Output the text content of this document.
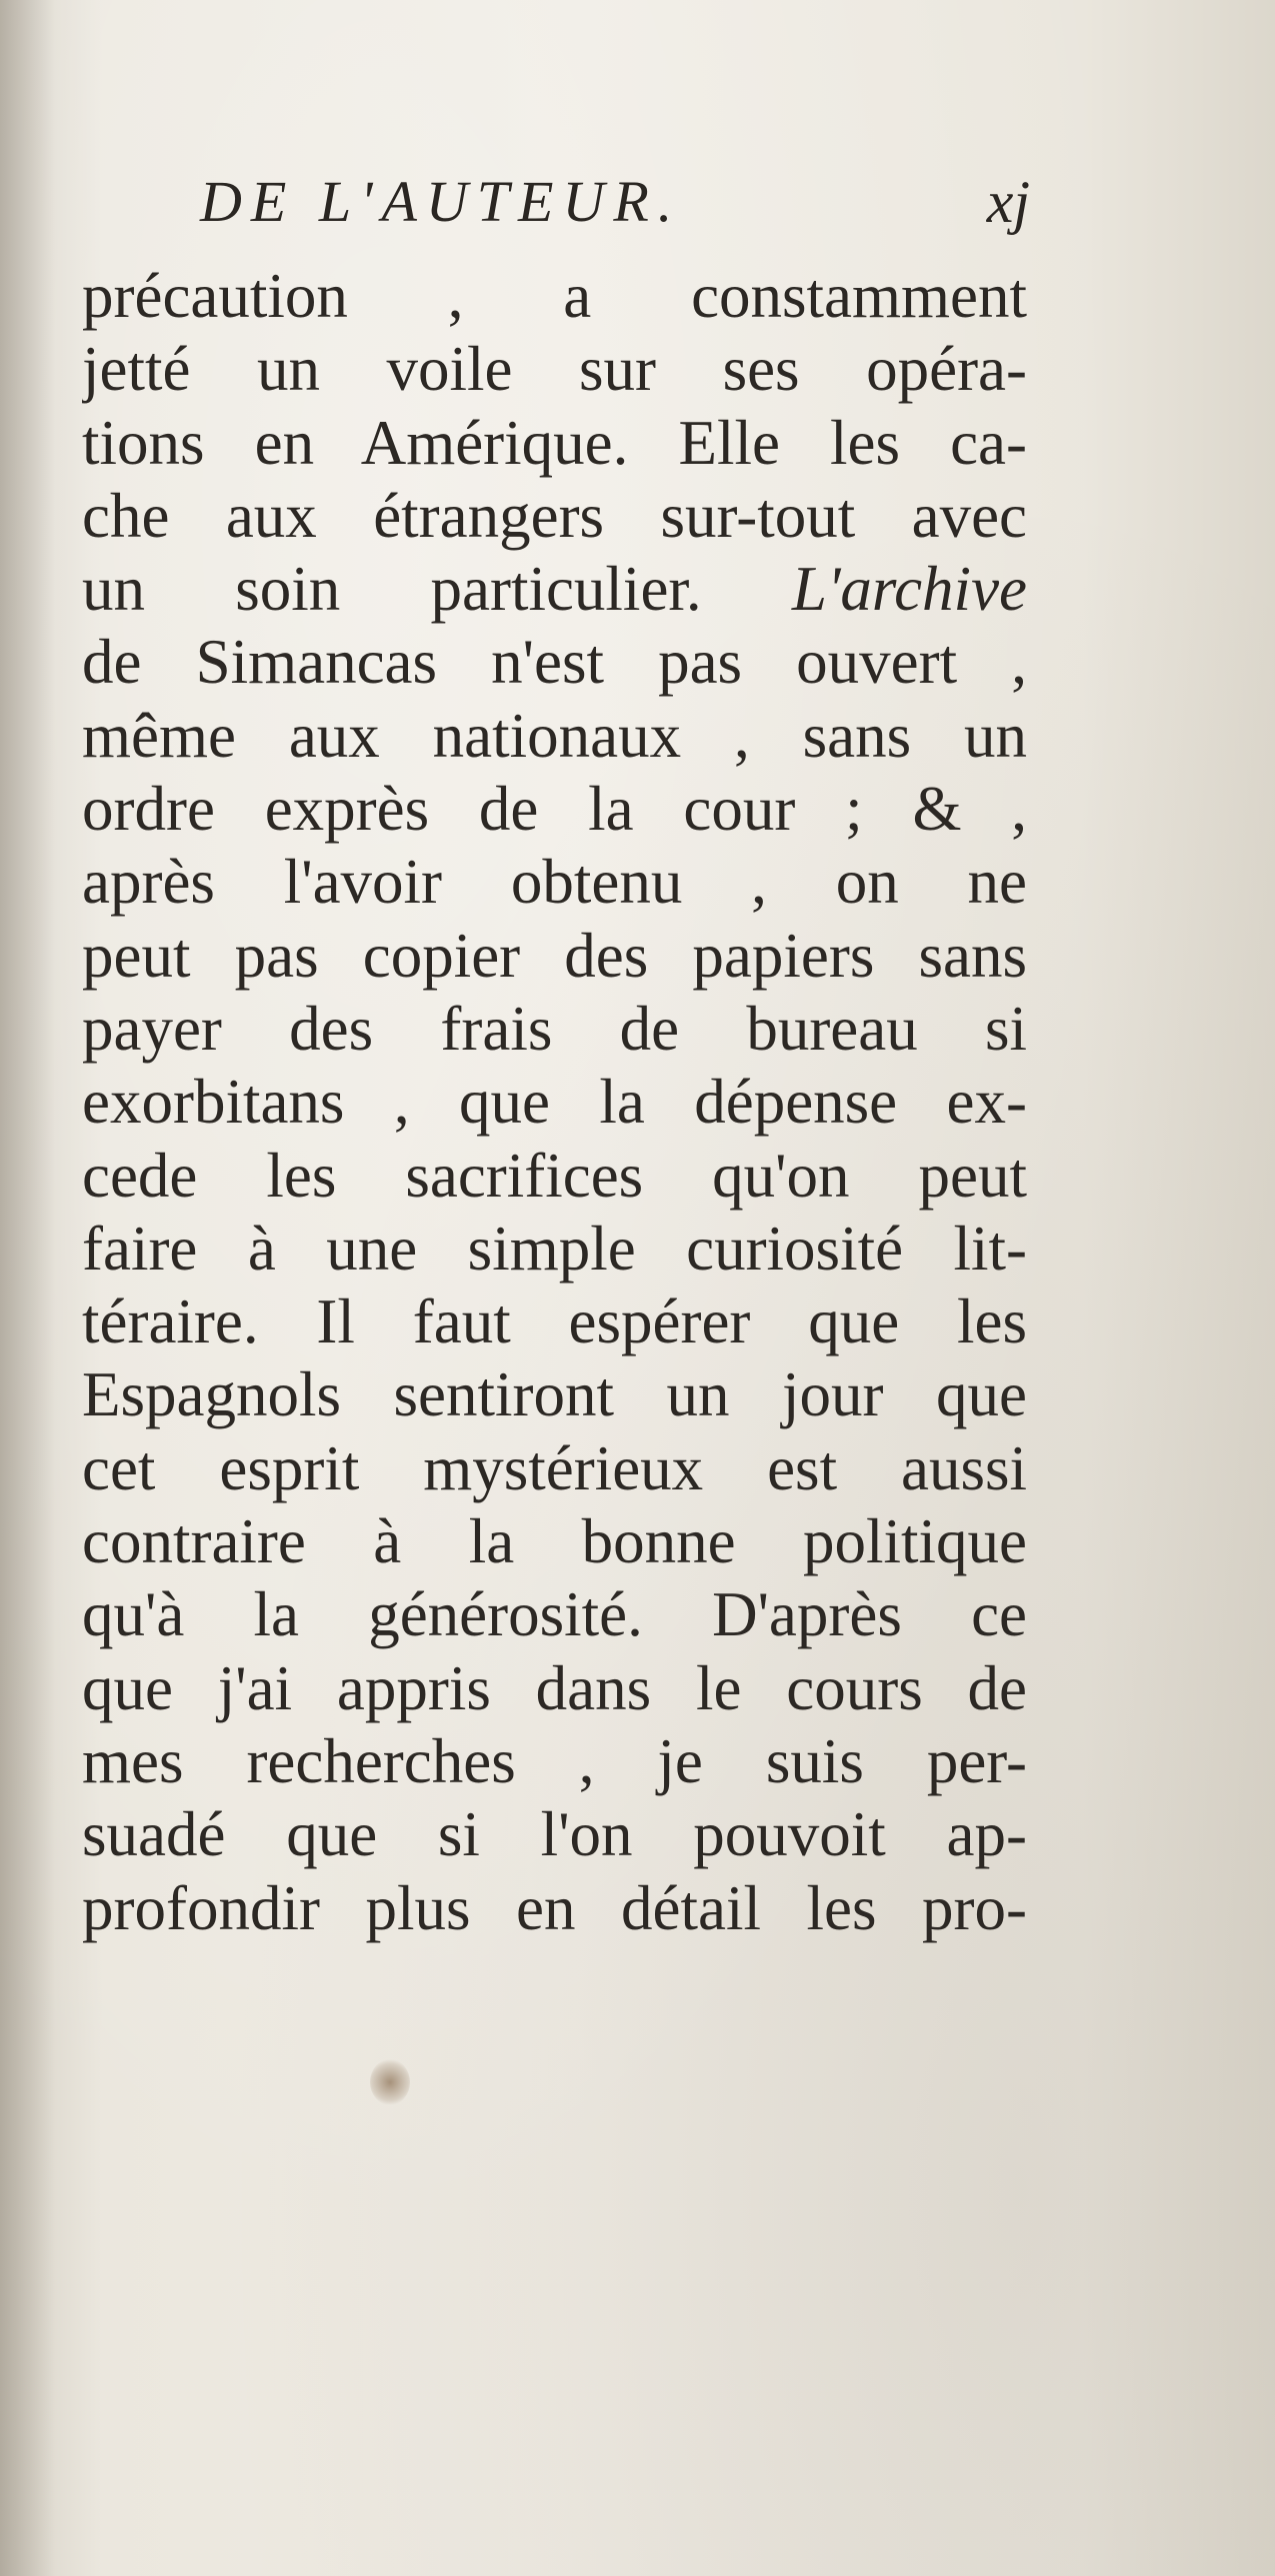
DE L'AUTEUR.	xj
précaution , a constamment
jetté un voile sur ses opéra-
tions en Amérique. Elle les ca-
che aux étrangers sur-tout avec
un soin particulier. L'archive
de Simancas n'est pas ouvert ,
même aux nationaux , sans un
ordre exprès de la cour ; & ,
après l'avoir obtenu , on ne
peut pas copier des papiers sans
payer des frais de bureau si
exorbitans , que la dépense ex-
cede les sacrifices qu'on peut
faire à une simple curiosité lit-
téraire. Il faut espérer que les
Espagnols sentiront un jour que
cet esprit mystérieux est aussi
contraire à la bonne politique
qu'à la générosité. D'après ce
que j'ai appris dans le cours de
mes recherches , je suis per-
suadé que si l'on pouvoit ap-
profondir plus en détail les pro-
